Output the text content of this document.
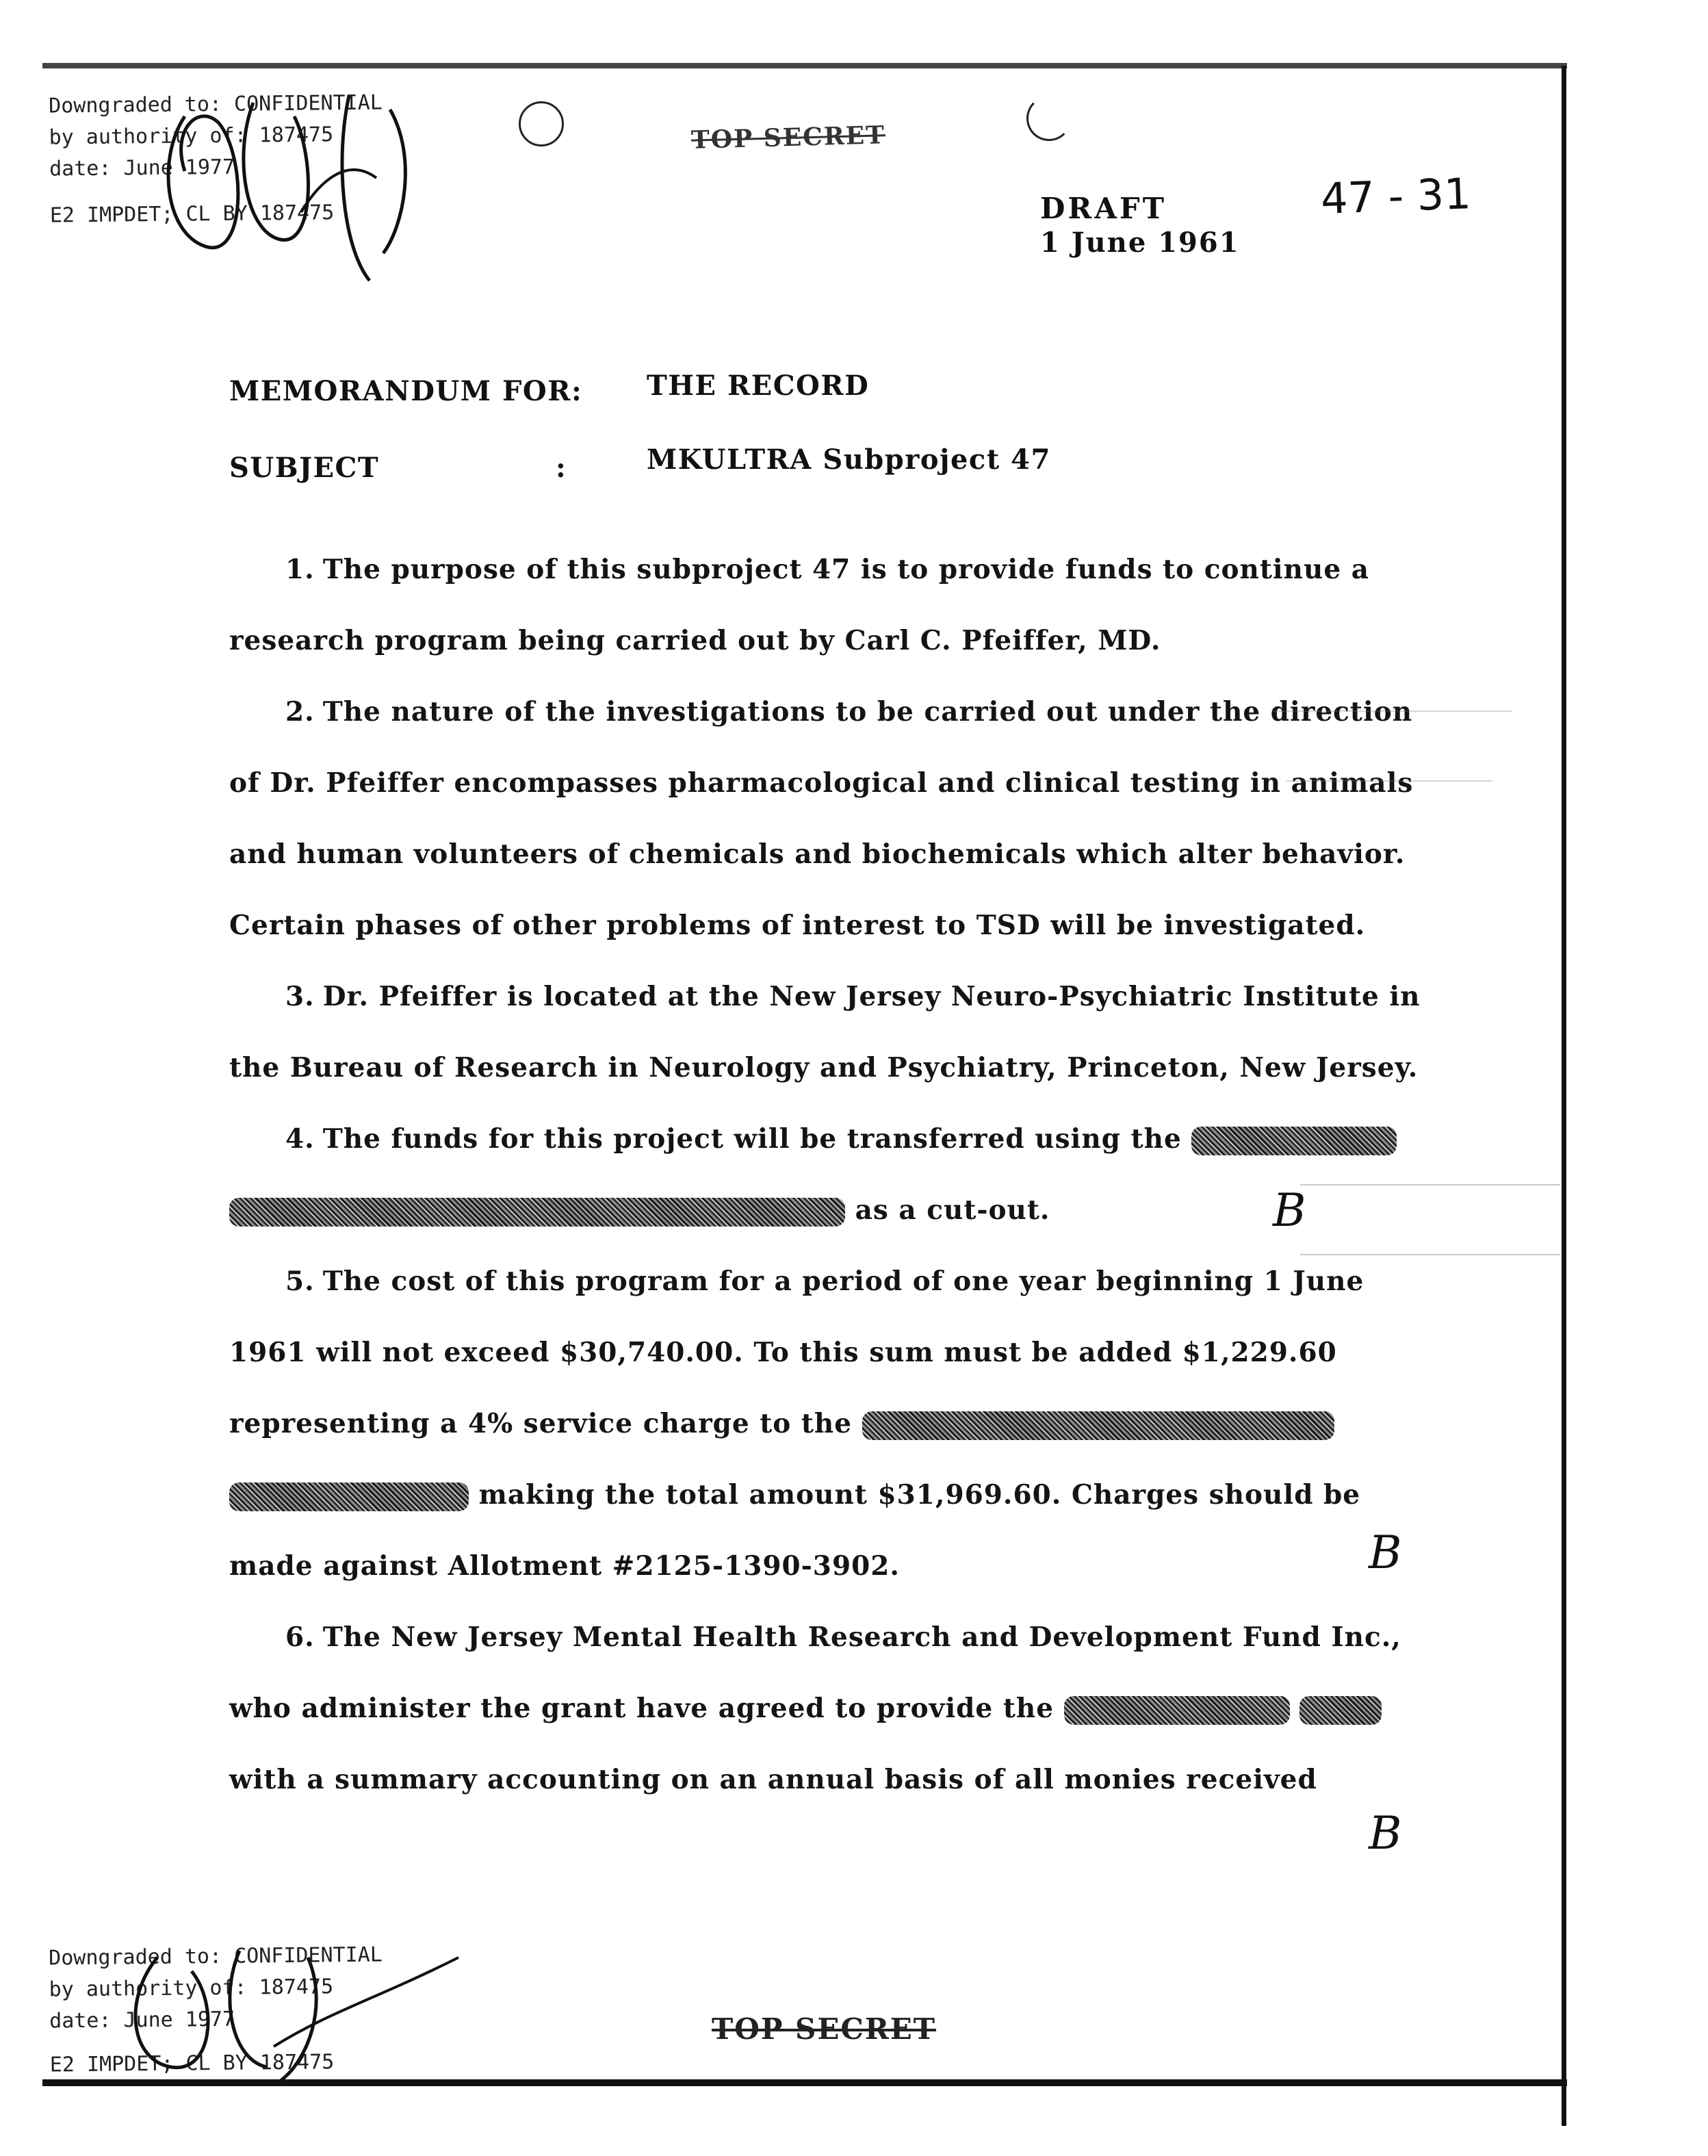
Downgraded to: CONFIDENTIAL
by authority of: 187475
date: June 1977
E2 IMPDET; CL BY 187475
TOP SECRET
DRAFT
1 June 1961
47 - 31
MEMORANDUM FOR: THE RECORD
SUBJECT	:	MKULTRA Subproject 47

1. The purpose of this subproject 47 is to provide funds to continue a research program being carried out by Carl C. Pfeiffer, MD.

2. The nature of the investigations to be carried out under the direction of Dr. Pfeiffer encompasses pharmacological and clinical testing in animals and human volunteers of chemicals and biochemicals which alter behavior. Certain phases of other problems of interest to TSD will be investigated.

3. Dr. Pfeiffer is located at the New Jersey Neuro-Psychiatric Institute in the Bureau of Research in Neurology and Psychiatry, Princeton, New Jersey.

4. The funds for this project will be transferred using the   as a cut-out.

5. The cost of this program for a period of one year beginning 1 June 1961 will not exceed $30,740.00. To this sum must be added $1,229.60 representing a 4% service charge to the   making the total amount $31,969.60. Charges should be made against Allotment #2125-1390-3902.

6. The New Jersey Mental Health Research and Development Fund Inc., who administer the grant have agreed to provide the   with a summary accounting on an annual basis of all monies received

B
B
B
Downgraded to: CONFIDENTIAL
by authority of: 187475
date: June 1977
E2 IMPDET; CL BY 187475
TOP SECRET
